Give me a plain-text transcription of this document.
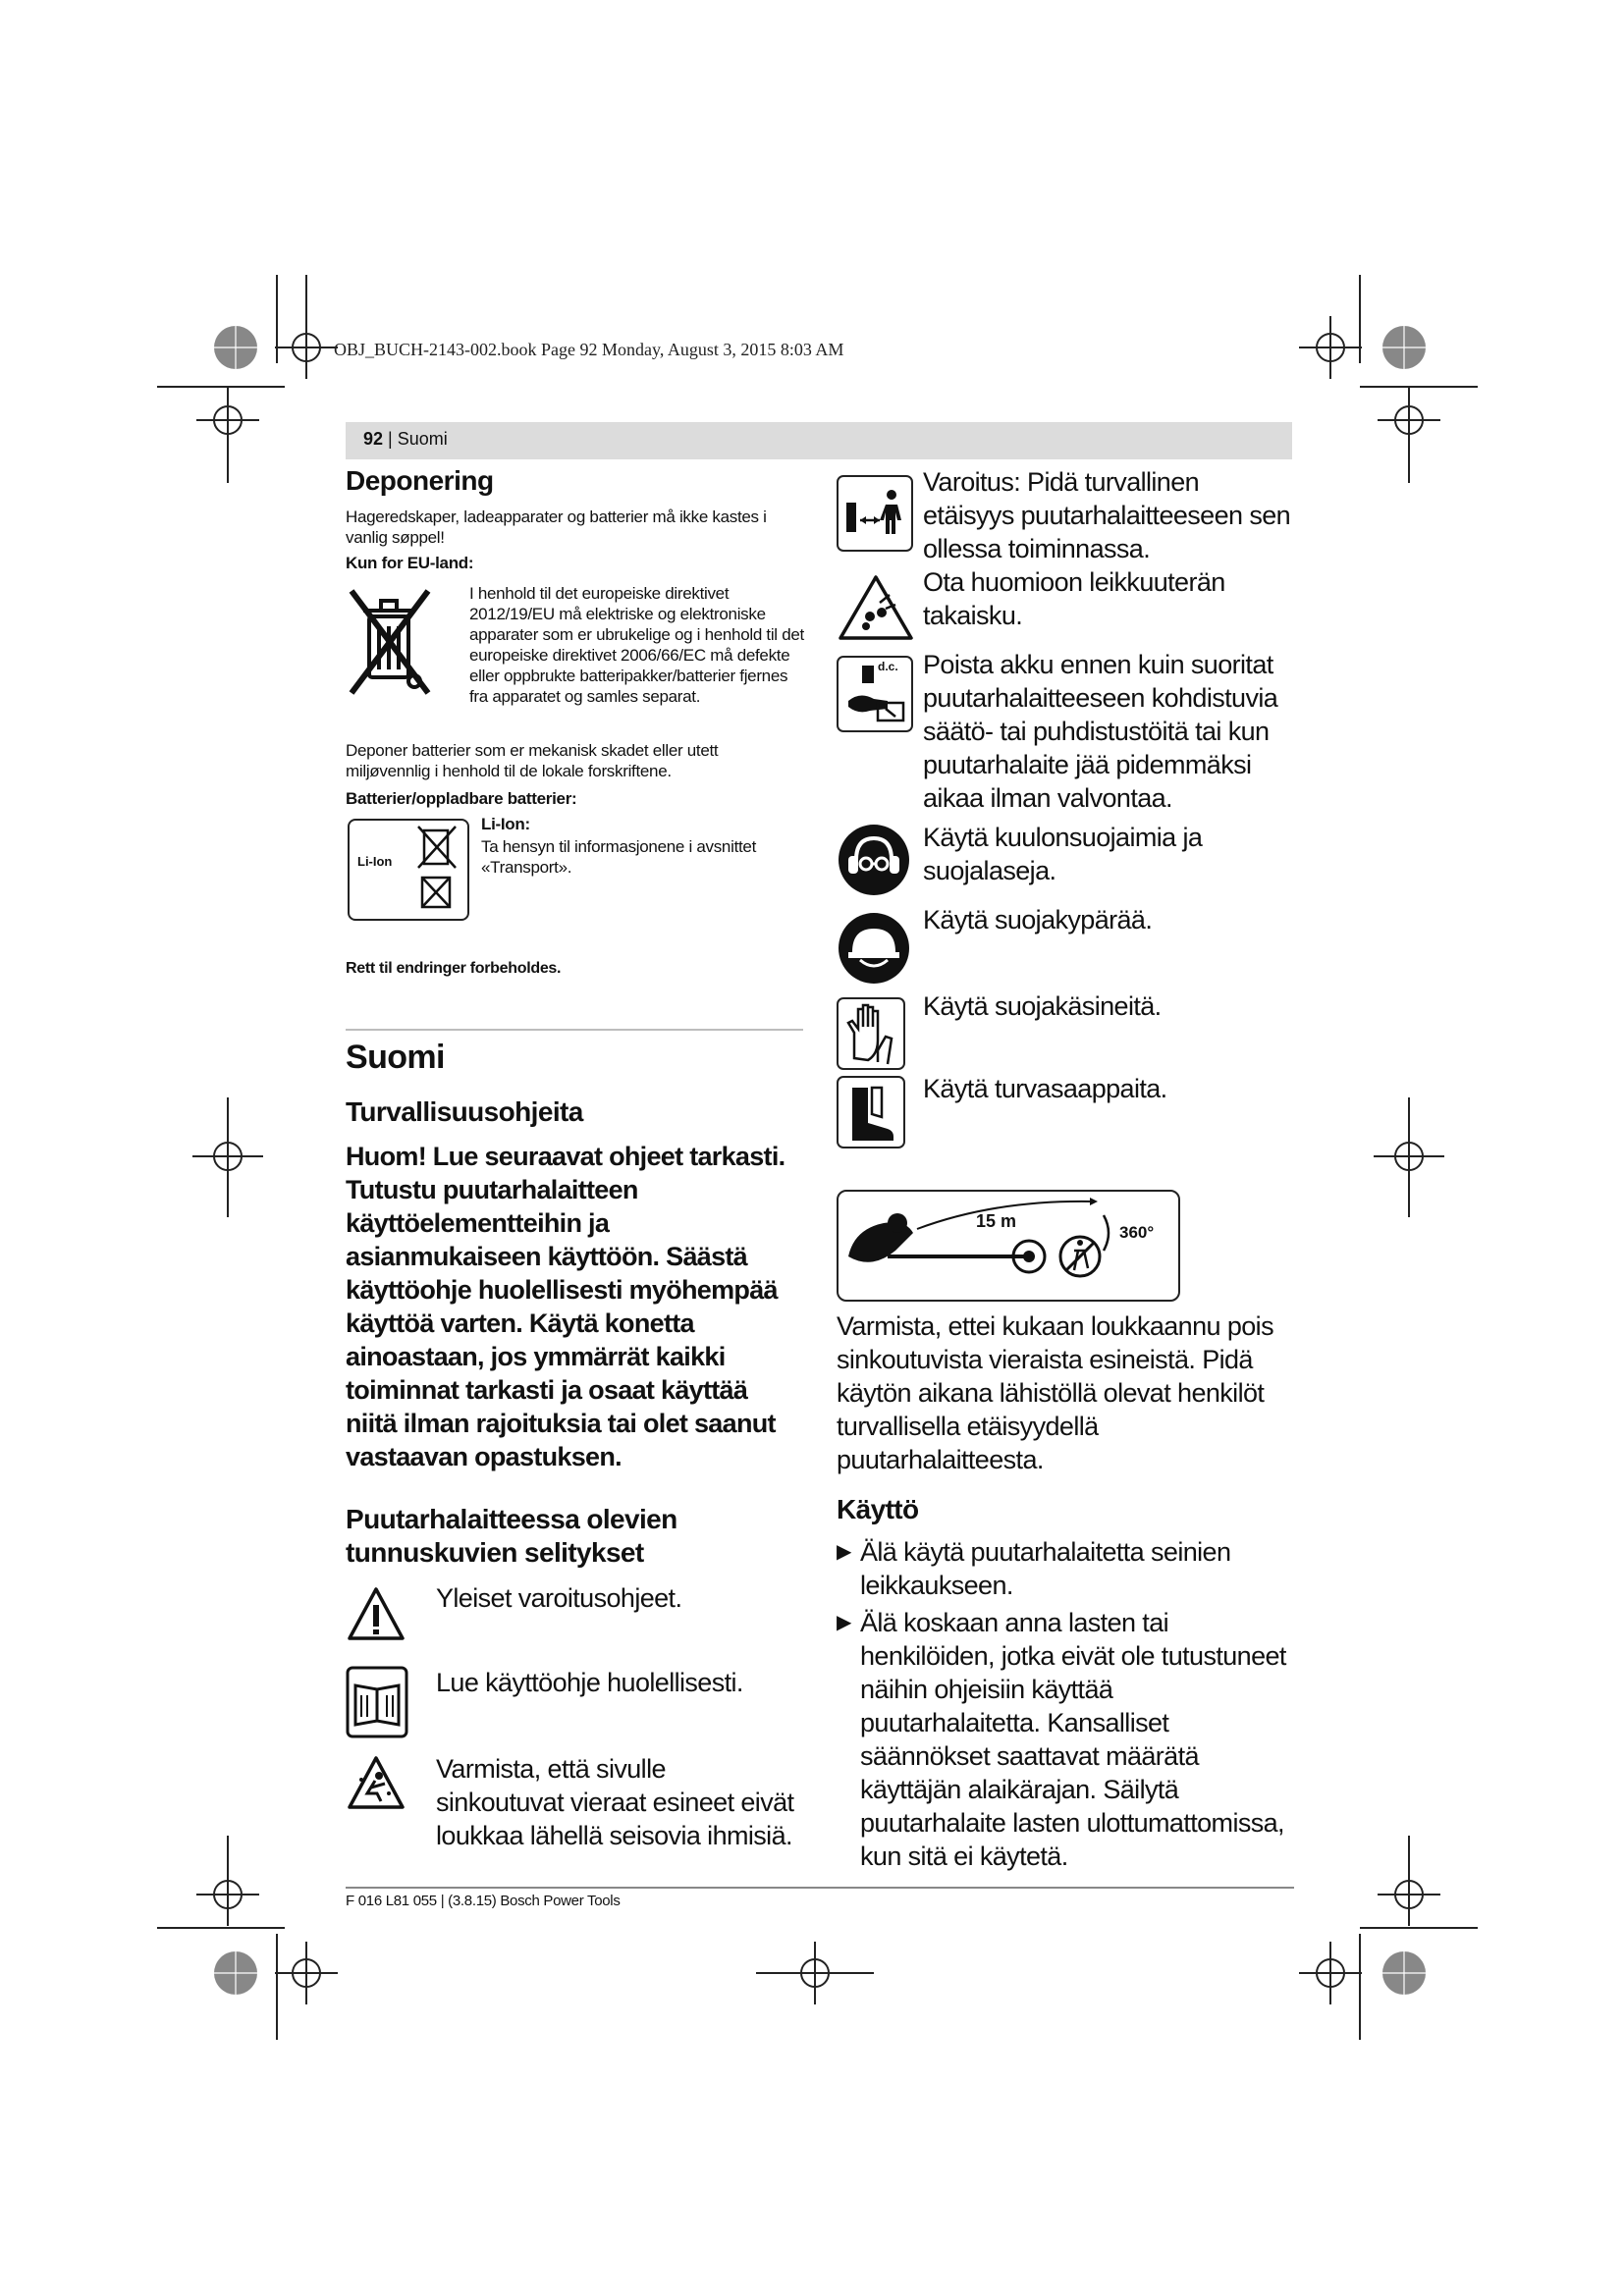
OBJ_BUCH-2143-002.book Page 92 Monday, August 3, 2015 8:03 AM
92 | Suomi
Deponering
Hageredskaper, ladeapparater og batterier må ikke kastes i vanlig søppel!
Kun for EU-land:
I henhold til det europeiske direktivet 2012/19/EU må elektriske og elektroniske apparater som er ubrukelige og i henhold til det europeiske direktivet 2006/66/EC må defekte eller oppbrukte batteripakker/batterier fjernes fra apparatet og samles separat.
Deponer batterier som er mekanisk skadet eller utett miljøvennlig i henhold til de lokale forskriftene.
Batterier/oppladbare batterier:
Li-Ion
Li-Ion:
Ta hensyn til informasjonene i avsnittet «Transport».
Rett til endringer forbeholdes.
Suomi
Turvallisuusohjeita
Huom! Lue seuraavat ohjeet tarkasti. Tutustu puutarhalaitteen käyttöelementteihin ja asianmukaiseen käyttöön. Säästä käyttöohje huolellisesti myöhempää käyttöä varten. Käytä konetta ainoastaan, jos ymmärrät kaikki toiminnat tarkasti ja osaat käyttää niitä ilman rajoituksia tai olet saanut vastaavan opastuksen.
Puutarhalaitteessa olevien tunnuskuvien selitykset
Yleiset varoitusohjeet.
Lue käyttöohje huolellisesti.
Varmista, että sivulle sinkoutuvat vieraat esineet eivät loukkaa lähellä seisovia ihmisiä.
Varoitus: Pidä turvallinen etäisyys puutarhalaitteeseen sen ollessa toiminnassa.
Ota huomioon leikkuuterän takaisku.
d.c. Poista akku ennen kuin suoritat puutarhalaitteeseen kohdistuvia säätö- tai puhdistustöitä tai kun puutarhalaite jää pidemmäksi aikaa ilman valvontaa.
Käytä kuulonsuojaimia ja suojalaseja.
Käytä suojakypärää.
Käytä suojakäsineitä.
Käytä turvasaappaita.
15 m
360°
Varmista, ettei kukaan loukkaannu pois sinkoutuvista vieraista esineistä. Pidä käytön aikana lähistöllä olevat henkilöt turvallisella etäisyydellä puutarhalaitteesta.
Käyttö
▶ Älä käytä puutarhalaitetta seinien leikkaukseen.
▶ Älä koskaan anna lasten tai henkilöiden, jotka eivät ole tutustuneet näihin ohjeisiin käyttää puutarhalaitetta. Kansalliset säännökset saattavat määrätä käyttäjän alaikärajan. Säilytä puutarhalaite lasten ulottumattomissa, kun sitä ei käytetä.
F 016 L81 055 | (3.8.15) Bosch Power Tools
